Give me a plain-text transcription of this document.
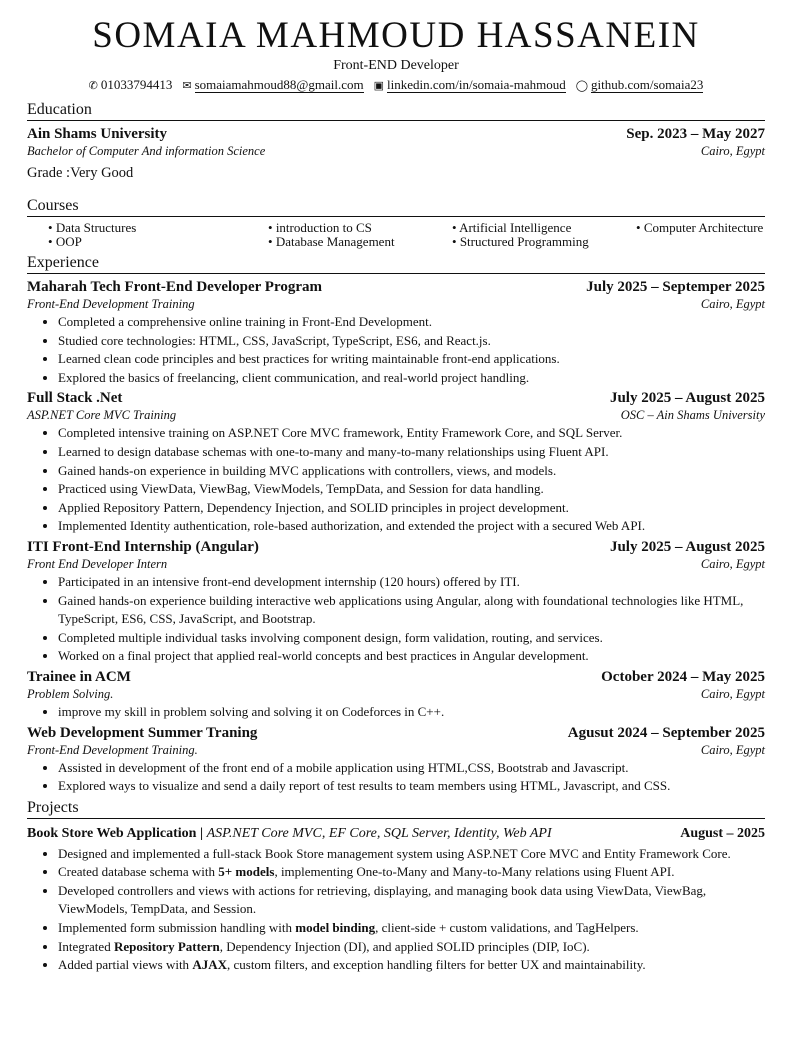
SOMAIA MAHMOUD HASSANEIN
Front-END Developer
✆ 01033794413 ✉ somaiamahmoud88@gmail.com ▣ linkedin.com/in/somaia-mahmoud ◯ github.com/somaia23
Education
Ain Shams University	Sep. 2023 – May 2027
Bachelor of Computer And information Science	Cairo, Egypt
Grade :Very Good
Courses
• Data Structures	• introduction to CS	• Artificial Intelligence	• Computer Architecture
• OOP	• Database Management	• Structured Programming
Experience
Maharah Tech Front-End Developer Program	July 2025 – Septemper 2025
Front-End Development Training	Cairo, Egypt
• Completed a comprehensive online training in Front-End Development.
• Studied core technologies: HTML, CSS, JavaScript, TypeScript, ES6, and React.js.
• Learned clean code principles and best practices for writing maintainable front-end applications.
• Explored the basics of freelancing, client communication, and real-world project handling.
Full Stack .Net	July 2025 – August 2025
ASP.NET Core MVC Training	OSC – Ain Shams University
• Completed intensive training on ASP.NET Core MVC framework, Entity Framework Core, and SQL Server.
• Learned to design database schemas with one-to-many and many-to-many relationships using Fluent API.
• Gained hands-on experience in building MVC applications with controllers, views, and models.
• Practiced using ViewData, ViewBag, ViewModels, TempData, and Session for data handling.
• Applied Repository Pattern, Dependency Injection, and SOLID principles in project development.
• Implemented Identity authentication, role-based authorization, and extended the project with a secured Web API.
ITI Front-End Internship (Angular)	July 2025 – August 2025
Front End Developer Intern	Cairo, Egypt
• Participated in an intensive front-end development internship (120 hours) offered by ITI.
• Gained hands-on experience building interactive web applications using Angular, along with foundational technologies like HTML, TypeScript, ES6, CSS, JavaScript, and Bootstrap.
• Completed multiple individual tasks involving component design, form validation, routing, and services.
• Worked on a final project that applied real-world concepts and best practices in Angular development.
Trainee in ACM	October 2024 – May 2025
Problem Solving.	Cairo, Egypt
• improve my skill in problem solving and solving it on Codeforces in C++.
Web Development Summer Traning	Agusut 2024 – September 2025
Front-End Development Training.	Cairo, Egypt
• Assisted in development of the front end of a mobile application using HTML,CSS, Bootstrab and Javascript.
• Explored ways to visualize and send a daily report of test results to team members using HTML, Javascript, and CSS.
Projects
Book Store Web Application | ASP.NET Core MVC, EF Core, SQL Server, Identity, Web API	August – 2025
• Designed and implemented a full-stack Book Store management system using ASP.NET Core MVC and Entity Framework Core.
• Created database schema with 5+ models, implementing One-to-Many and Many-to-Many relations using Fluent API.
• Developed controllers and views with actions for retrieving, displaying, and managing book data using ViewData, ViewBag, ViewModels, TempData, and Session.
• Implemented form submission handling with model binding, client-side + custom validations, and TagHelpers.
• Integrated Repository Pattern, Dependency Injection (DI), and applied SOLID principles (DIP, IoC).
• Added partial views with AJAX, custom filters, and exception handling filters for better UX and maintainability.
